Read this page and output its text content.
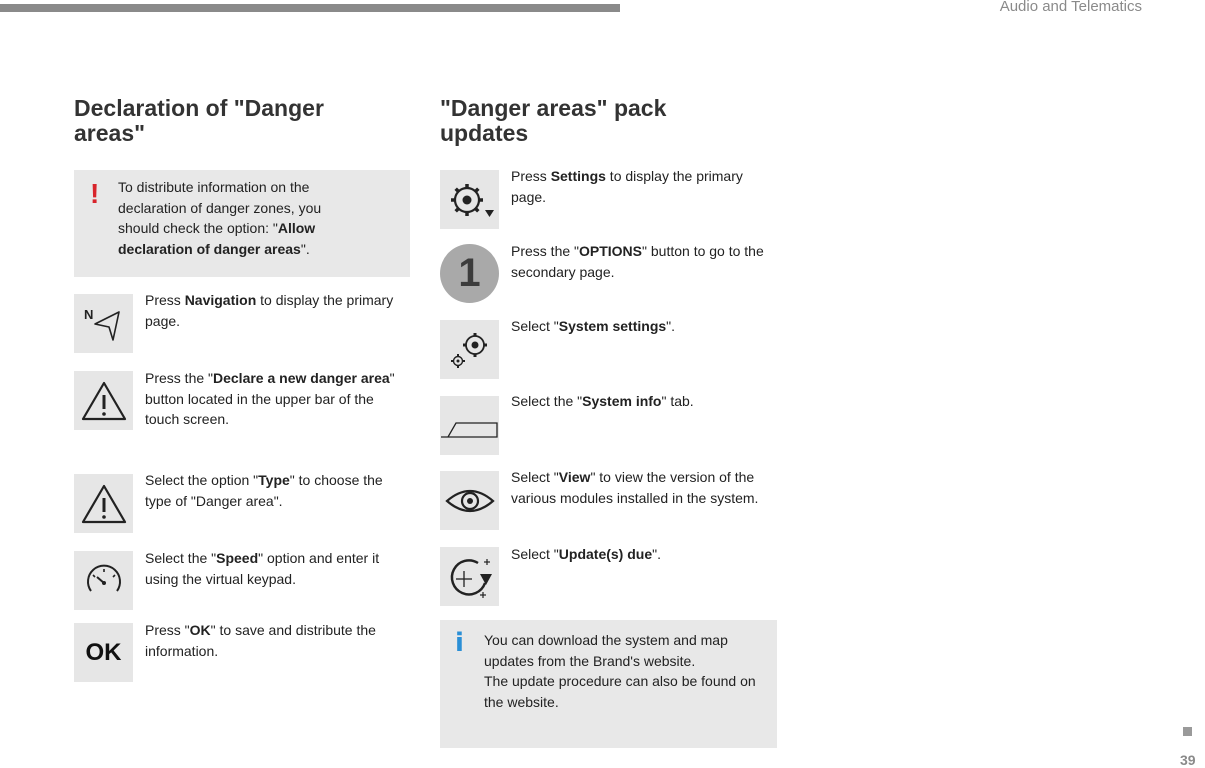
Audio and Telematics
Declaration of "Danger areas"
! To distribute information on the declaration of danger zones, you should check the option: "Allow declaration of danger areas".
N
Press Navigation to display the primary page.
Press the "Declare a new danger area" button located in the upper bar of the touch screen.
Select the option "Type" to choose the type of "Danger area".
Select the "Speed" option and enter it using the virtual keypad.
OK
Press "OK" to save and distribute the information.
"Danger areas" pack updates
Press Settings to display the primary page.
1 Press the "OPTIONS" button to go to the secondary page.
Select "System settings".
Select the "System info" tab.
Select "View" to view the version of the various modules installed in the system.
Select "Update(s) due".
i You can download the system and map updates from the Brand's website.
The update procedure can also be found on the website.
39
